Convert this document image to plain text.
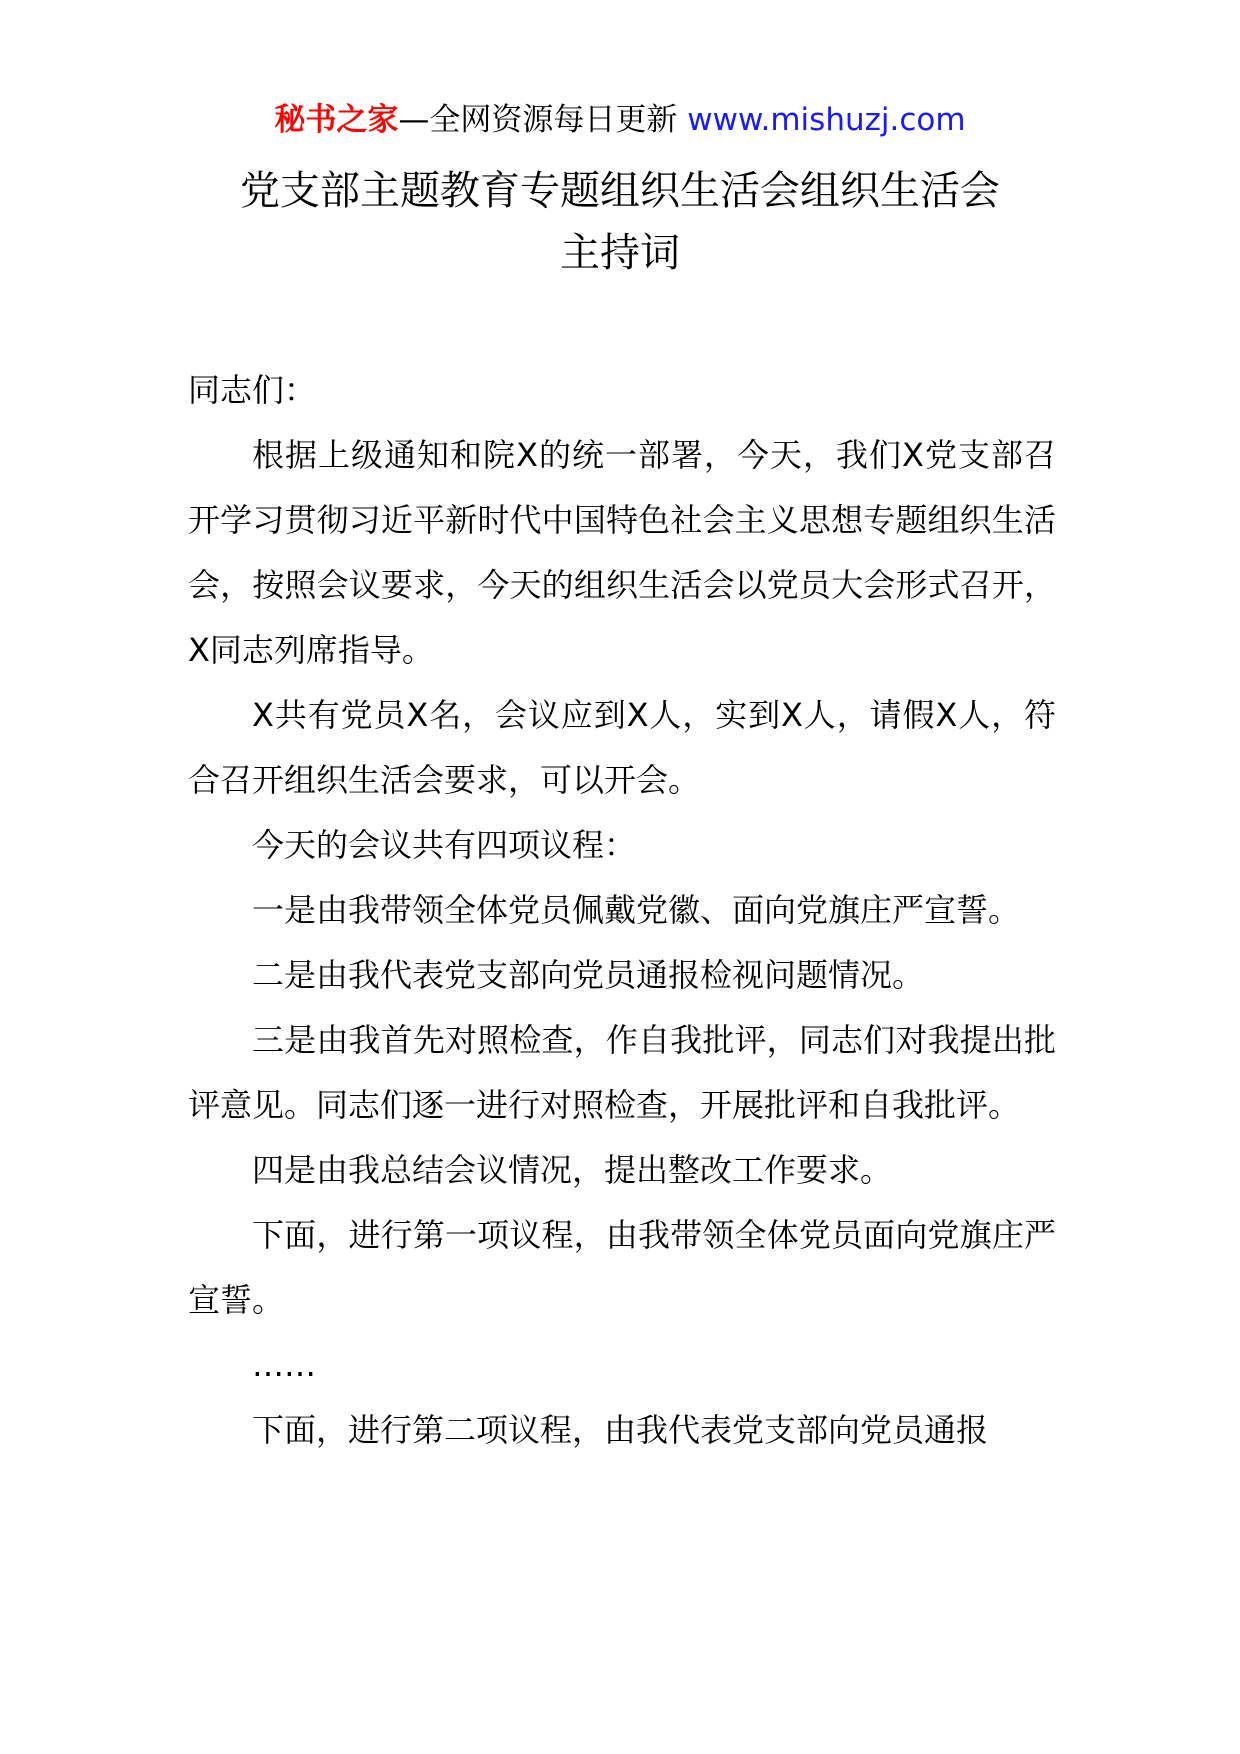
秘书之家—全网资源每日更新 www.mishuzj.com
党支部主题教育专题组织生活会组织生活会
主持词

同志们：

根据上级通知和院X的统一部署，今天，我们X党支部召开学习贯彻习近平新时代中国特色社会主义思想专题组织生活会，按照会议要求，今天的组织生活会以党员大会形式召开，X同志列席指导。

X共有党员X名，会议应到X人，实到X人，请假X人，符合召开组织生活会要求，可以开会。

今天的会议共有四项议程：

一是由我带领全体党员佩戴党徽、面向党旗庄严宣誓。

二是由我代表党支部向党员通报检视问题情况。

三是由我首先对照检查，作自我批评，同志们对我提出批评意见。同志们逐一进行对照检查，开展批评和自我批评。

四是由我总结会议情况，提出整改工作要求。

下面，进行第一项议程，由我带领全体党员面向党旗庄严宣誓。

……

下面，进行第二项议程，由我代表党支部向党员通报
